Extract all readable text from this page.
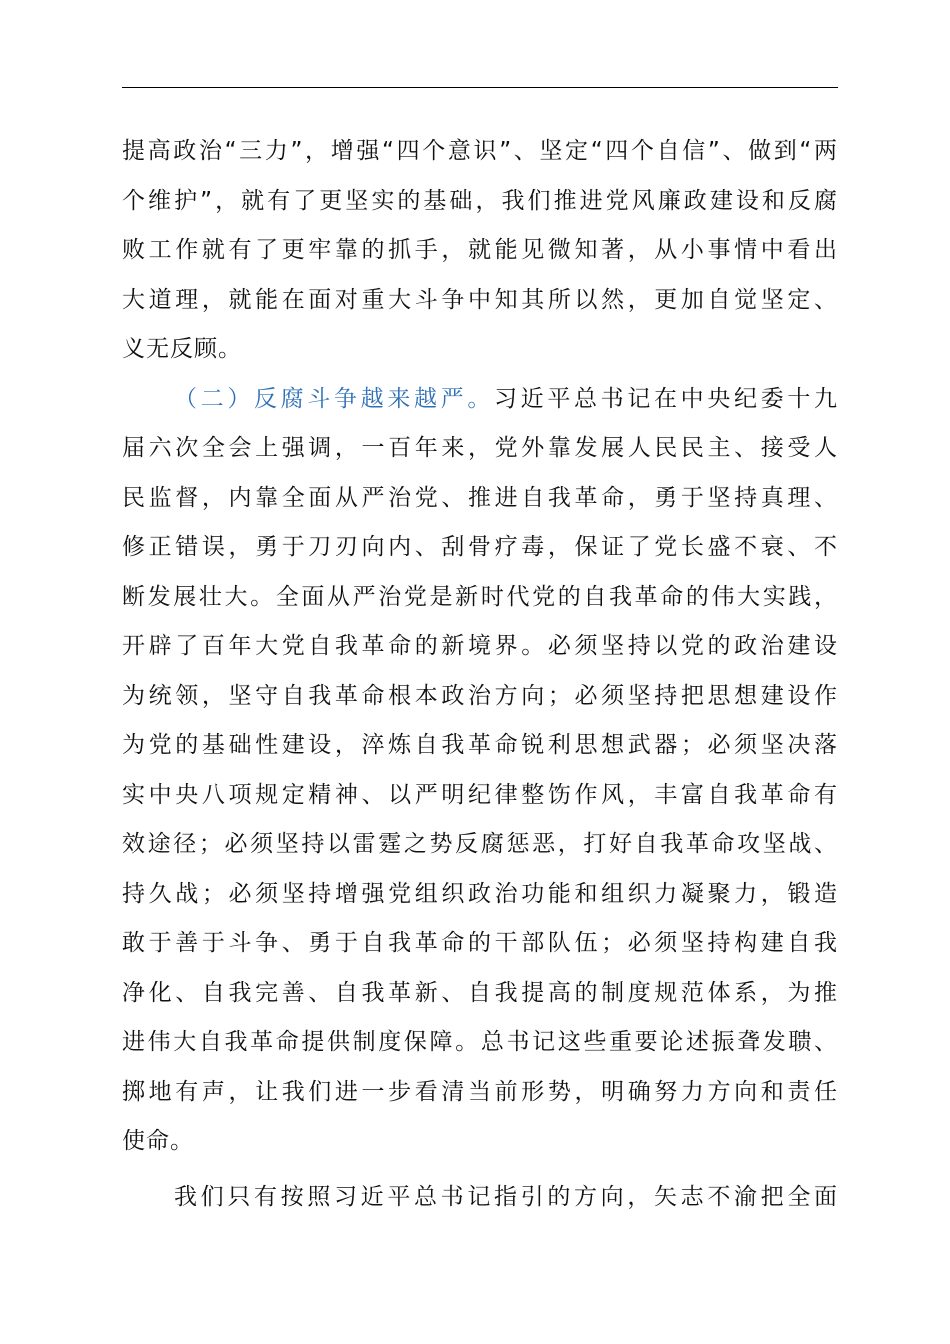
提高政治“三力”，增强“四个意识”、坚定“四个自信”、做到“两
个维护”，就有了更坚实的基础，我们推进党风廉政建设和反腐
败工作就有了更牢靠的抓手，就能见微知著，从小事情中看出
大道理，就能在面对重大斗争中知其所以然，更加自觉坚定、
义无反顾。
（二）反腐斗争越来越严。习近平总书记在中央纪委十九
届六次全会上强调，一百年来，党外靠发展人民民主、接受人
民监督，内靠全面从严治党、推进自我革命，勇于坚持真理、
修正错误，勇于刀刃向内、刮骨疗毒，保证了党长盛不衰、不
断发展壮大。全面从严治党是新时代党的自我革命的伟大实践，
开辟了百年大党自我革命的新境界。必须坚持以党的政治建设
为统领，坚守自我革命根本政治方向；必须坚持把思想建设作
为党的基础性建设，淬炼自我革命锐利思想武器；必须坚决落
实中央八项规定精神、以严明纪律整饬作风，丰富自我革命有
效途径；必须坚持以雷霆之势反腐惩恶，打好自我革命攻坚战、
持久战；必须坚持增强党组织政治功能和组织力凝聚力，锻造
敢于善于斗争、勇于自我革命的干部队伍；必须坚持构建自我
净化、自我完善、自我革新、自我提高的制度规范体系，为推
进伟大自我革命提供制度保障。总书记这些重要论述振聋发聩、
掷地有声，让我们进一步看清当前形势，明确努力方向和责任
使命。
我们只有按照习近平总书记指引的方向，矢志不渝把全面
